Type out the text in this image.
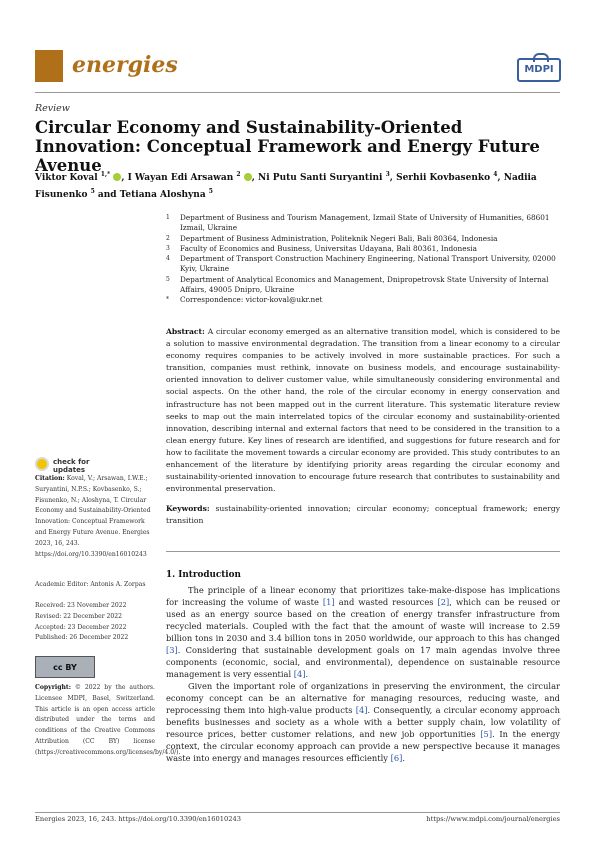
energies	MDPI
Review
Circular Economy and Sustainability-Oriented Innovation: Conceptual Framework and Energy Future Avenue
Viktor Koval $^{1,*}$ , I Wayan Edi Arsawan $^2$ , Ni Putu Santi Suryantini $^3$, Serhii Kovbasenko $^4$, Nadiia Fisunenko $^5$ and Tetiana Aloshyna $^5$
1	Department of Business and Tourism Management, Izmail State of University of Humanities, 68601 Izmail, Ukraine
2	Department of Business Administration, Politeknik Negeri Bali, Bali 80364, Indonesia
3	Faculty of Economics and Business, Universitas Udayana, Bali 80361, Indonesia
4	Department of Transport Construction Machinery Engineering, National Transport University, 02000 Kyiv, Ukraine
5	Department of Analytical Economics and Management, Dnipropetrovsk State University of Internal Affairs, 49005 Dnipro, Ukraine
*	Correspondence: victor-koval@ukr.net
Abstract: A circular economy emerged as an alternative transition model, which is considered to be a solution to massive environmental degradation. The transition from a linear economy to a circular economy requires companies to be actively involved in more sustainable practices. For such a transition, companies must rethink, innovate on business models, and encourage sustainability-oriented innovation to deliver customer value, while simultaneously considering environmental and social aspects. On the other hand, the role of the circular economy in energy conservation and infrastructure has not been mapped out in the current literature. This systematic literature review seeks to map out the main interrelated topics of the circular economy and sustainability-oriented innovation, describing internal and external factors that need to be considered in the transition to a clean energy future. Key lines of research are identified, and suggestions for future research and for how to facilitate the movement towards a circular economy are provided. This study contributes to an enhancement of the literature by identifying priority areas regarding the circular economy and sustainability-oriented innovation to encourage future research that contributes to sustainability and environmental preservation.
Keywords: sustainability-oriented innovation; circular economy; conceptual framework; energy transition
1. Introduction

The principle of a linear economy that prioritizes take-make-dispose has implications for increasing the volume of waste [1] and wasted resources [2], which can be reused or used as an energy source based on the creation of energy transfer infrastructure from recycled materials. Coupled with the fact that the amount of waste will increase to 2.59 billion tons in 2030 and 3.4 billion tons in 2050 worldwide, our approach to this has changed [3]. Considering that sustainable development goals on 17 main agendas involve three components (economic, social, and environmental), dependence on sustainable resource management is very essential [4].

Given the important role of organizations in preserving the environment, the circular economy concept can be an alternative for managing resources, reducing waste, and reprocessing them into high-value products [4]. Consequently, a circular economy approach benefits businesses and society as a whole with a better supply chain, low volatility of resource prices, better customer relations, and new job opportunities [5]. In the energy context, the circular economy approach can provide a new perspective because it manages waste into energy and manages resources efficiently [6].

check for
updates
Citation: Koval, V.; Arsawan, I.W.E.; Suryantini, N.P.S.; Kovbasenko, S.; Fisunenko, N.; Aloshyna, T. Circular Economy and Sustainability-Oriented Innovation: Conceptual Framework and Energy Future Avenue. Energies 2023, 16, 243. https://doi.org/10.3390/en16010243
Academic Editor: Antonis A. Zorpas
Received: 23 November 2022
Revised: 22 December 2022
Accepted: 23 December 2022
Published: 26 December 2022
cc BY
Copyright: © 2022 by the authors. Licensee MDPI, Basel, Switzerland. This article is an open access article distributed under the terms and conditions of the Creative Commons Attribution (CC BY) license (https://creativecommons.org/licenses/by/4.0/).
Energies 2023, 16, 243. https://doi.org/10.3390/en16010243	https://www.mdpi.com/journal/energies
